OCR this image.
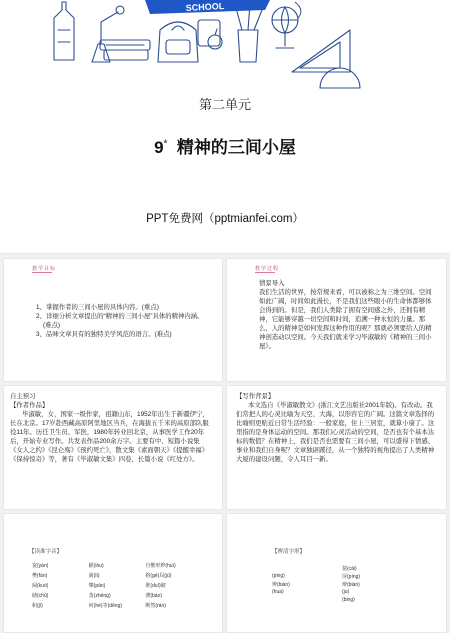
SCHOOL
第二单元
9* 精神的三间小屋
PPT免费网（pptmianfei.com）
教学目标

1、掌握作者的三间小屋的具体内容。(重点)

2、详细分析文章提出的“精神的三间小屋”具体的精神内涵。(难点)

3、品味文章具有的独特美学风范的语言。(难点)

教学过程

情景导入

我们生活的世界，按常规来看，可以被称之为三维空间。空间如此广阔，时间如此漫长，不是我们这些眼小的生命体都够体会得到的。但是，我们人类除了拥有空间感之外，还拥有精神，它能够穿越一切空间和时间，追溯一种永恒的力量。那么，人的精神是如何发挥这种作用的呢？那就必须要给人的精神创造动以空间。今天我们就来学习毕淑敏的《精神的三间小屋》。

自主预习

【作者作品】

毕淑敏，女，国家一级作家，祖籍山东，1952年出生于新疆伊宁，长在北京。17岁赴西藏高原阿里地区当兵，在海拔五千米的高原部队服役11年。历任卫生员、军医，1980年转业回北京，从事医学工作20年后，开始专业写作。共发表作品200余万字。主要有中、短篇小说集《女人之约》《昆仑殇》《预约死亡》，散文集《素面朝天》《提醒幸福》《保持惊奇》等，著有《毕淑敏文集》四卷，长篇小说《红处方》。

【写作背景】

本文选自《毕淑敏散文》(浙江文艺出版社2001年版)。有改动。我们常把人的心灵比喻为天空、大海，以形容它的广阔。这篇文章选择的比喻则更贴近日常生活经验：一般家庭，住上三居室，就算小康了。这里指的是身体运动的空间。那我们心灵活动的空间，是否也有个基本达标的数值？在精神上，我们是否也需要有三间小屋，可以盛得下情感、事业和我们自身呢？文章独辟蹊径，从一个独特的视角提出了人类精神大厦的建设问题，令人耳目一新。

【读准字音】
宴(yàn)	陋(lòu)	自惭形秽(huì)
樊(fán)	篱(lí)	格(gé)局(jú)
阔(kuò)	攀(pān)	堆(duī)砌
储(chǔ)	蒸(zhēng)	薄(báo)
积(jī)	何(hé)等(děng)	断然(rán)
【辨清字形】
猜(cāi)
(ping)	屏(píng)
辨(biàn)	辩(biàn)
(hua)	(ju)
(bing)
